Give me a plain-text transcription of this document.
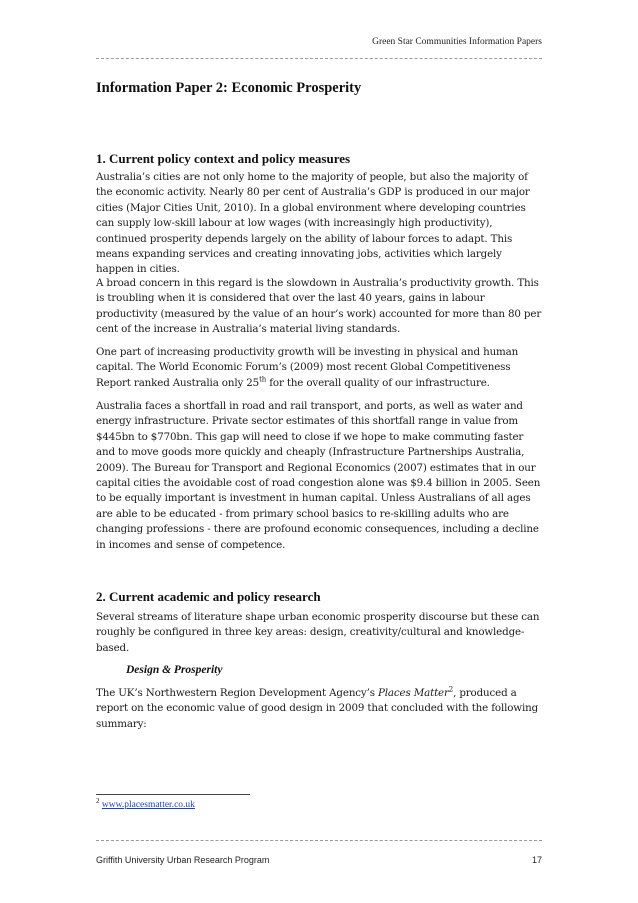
Green Star Communities Information Papers
Information Paper 2: Economic Prosperity
1. Current policy context and policy measures

Australia’s cities are not only home to the majority of people, but also the majority of the economic activity. Nearly 80 per cent of Australia’s GDP is produced in our major cities (Major Cities Unit, 2010). In a global environment where developing countries can supply low-skill labour at low wages (with increasingly high productivity), continued prosperity depends largely on the ability of labour forces to adapt. This means expanding services and creating innovating jobs, activities which largely happen in cities.

A broad concern in this regard is the slowdown in Australia’s productivity growth. This is troubling when it is considered that over the last 40 years, gains in labour productivity (measured by the value of an hour’s work) accounted for more than 80 per cent of the increase in Australia’s material living standards.

One part of increasing productivity growth will be investing in physical and human capital. The World Economic Forum’s (2009) most recent Global Competitiveness Report ranked Australia only 25th for the overall quality of our infrastructure.

Australia faces a shortfall in road and rail transport, and ports, as well as water and energy infrastructure. Private sector estimates of this shortfall range in value from $445bn to $770bn. This gap will need to close if we hope to make commuting faster and to move goods more quickly and cheaply (Infrastructure Partnerships Australia, 2009). The Bureau for Transport and Regional Economics (2007) estimates that in our capital cities the avoidable cost of road congestion alone was $9.4 billion in 2005. Seen to be equally important is investment in human capital. Unless Australians of all ages are able to be educated - from primary school basics to re-skilling adults who are changing professions - there are profound economic consequences, including a decline in incomes and sense of competence.

2. Current academic and policy research

Several streams of literature shape urban economic prosperity discourse but these can roughly be configured in three key areas: design, creativity/cultural and knowledge-based.

Design & Prosperity

The UK’s Northwestern Region Development Agency’s Places Matter$^2$, produced a report on the economic value of good design in 2009 that concluded with the following summary:

$^2$ www.placesmatter.co.uk
Griffith University Urban Research Program	17
